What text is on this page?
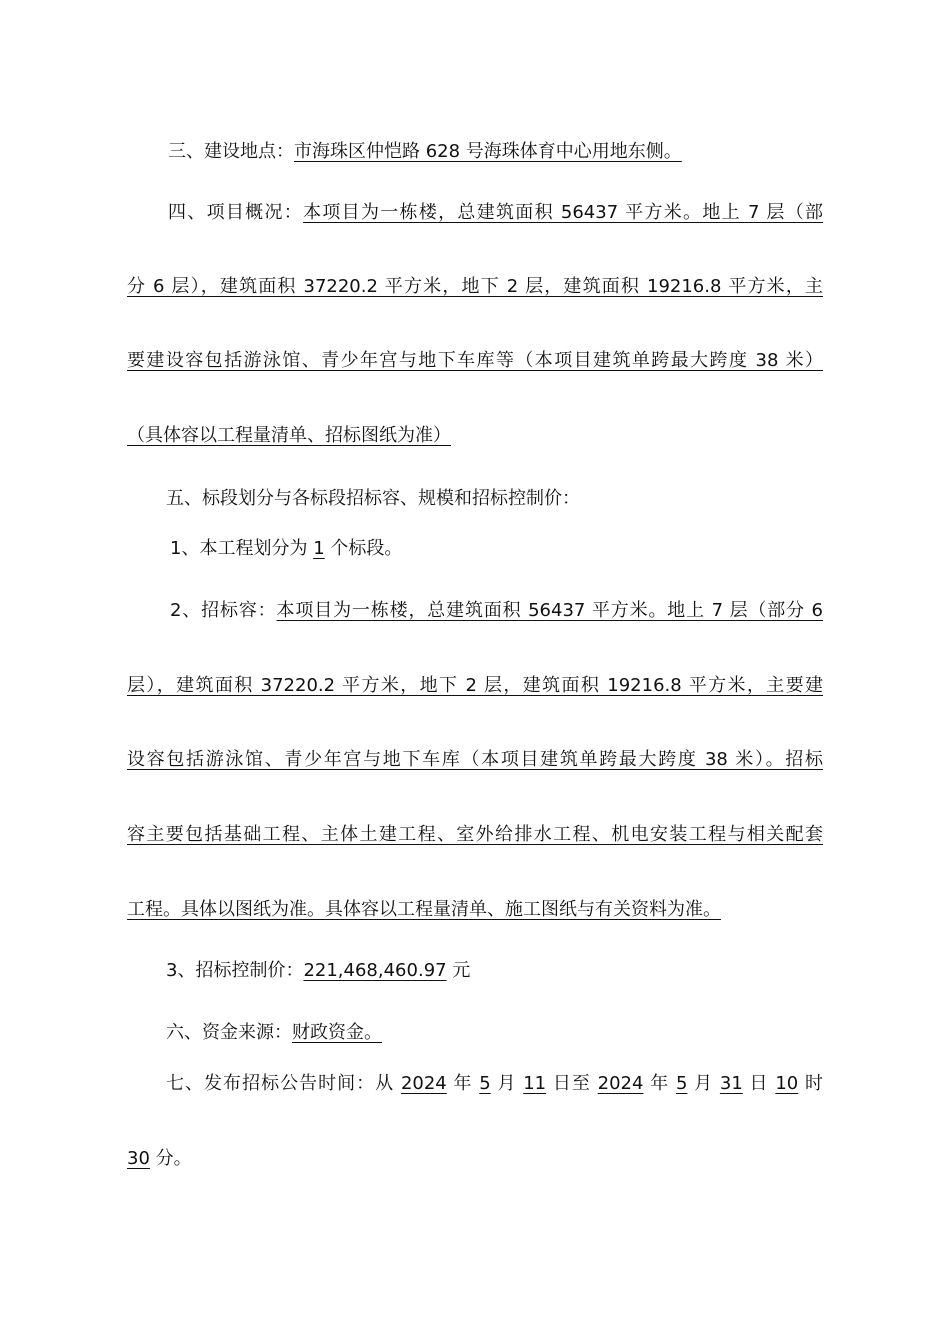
三、建设地点：市海珠区仲恺路 628 号海珠体育中心用地东侧。
四、项目概况：本项目为一栋楼，总建筑面积 56437 平方米。地上 7 层（部
分 6 层），建筑面积 37220.2 平方米，地下 2 层，建筑面积 19216.8 平方米，主
要建设容包括游泳馆、青少年宫与地下车库等（本项目建筑单跨最大跨度 38 米）
（具体容以工程量清单、招标图纸为准）
五、标段划分与各标段招标容、规模和招标控制价：
1、本工程划分为 1 个标段。
2、招标容：本项目为一栋楼，总建筑面积 56437 平方米。地上 7 层（部分 6
层），建筑面积 37220.2 平方米，地下 2 层，建筑面积 19216.8 平方米，主要建
设容包括游泳馆、青少年宫与地下车库（本项目建筑单跨最大跨度 38 米）。招标
容主要包括基础工程、主体土建工程、室外给排水工程、机电安装工程与相关配套
工程。具体以图纸为准。具体容以工程量清单、施工图纸与有关资料为准。
3、招标控制价：221,468,460.97 元
六、资金来源：财政资金。
七、发布招标公告时间：从 2024 年 5 月 11 日至 2024 年 5 月 31 日 10 时
30 分。
